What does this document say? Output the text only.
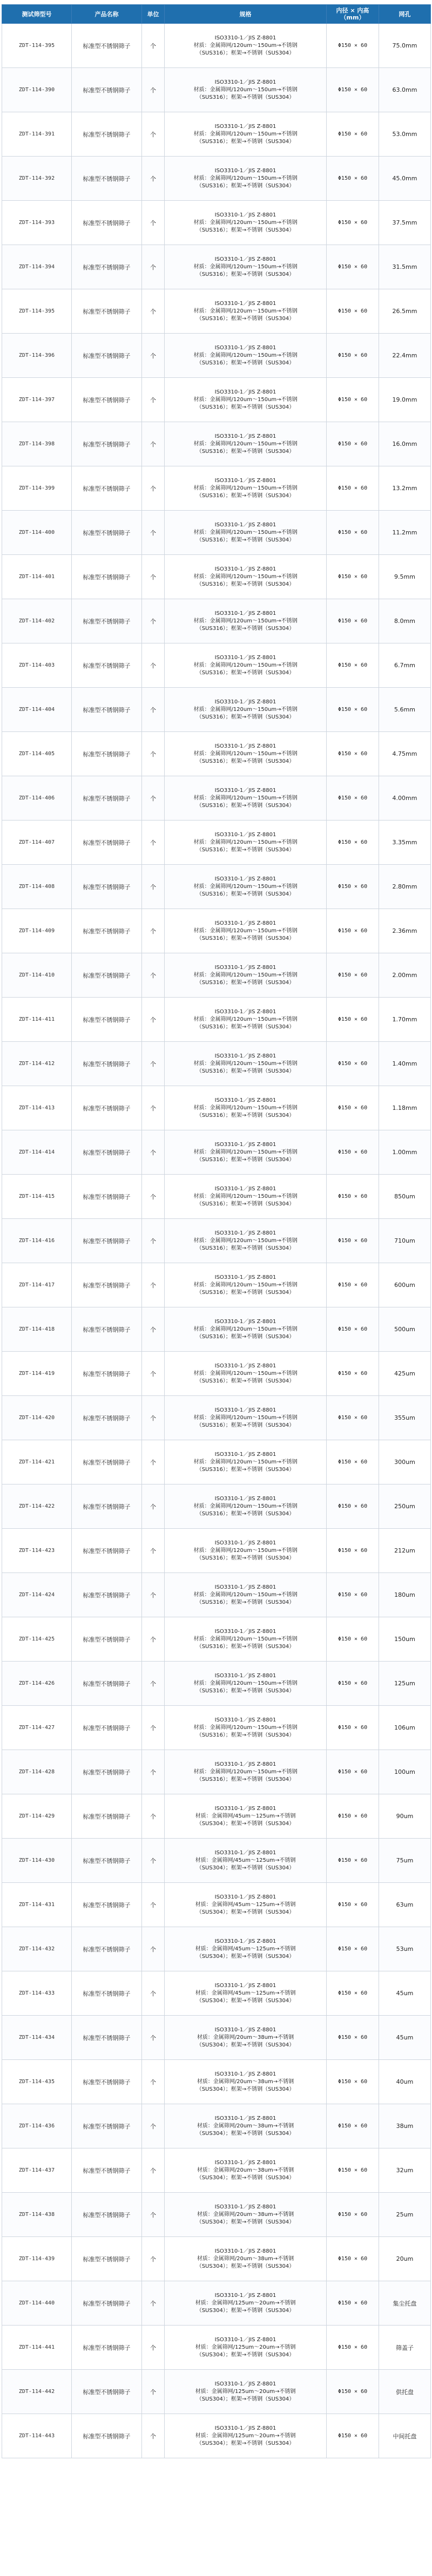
测试筛型号	产品名称	单位	规格	内径 × 内高（mm）	网孔
ZDT-114-395	标准型不锈钢筛子	个	ISO3310-1／JIS Z-8801
材质：金属筛网/120um～150um→不锈钢
（SUS316）；框架→不锈钢（SUS304）	Φ150 × 60	75.0mm
ZDT-114-390	标准型不锈钢筛子	个	ISO3310-1／JIS Z-8801
材质：金属筛网/120um～150um→不锈钢
（SUS316）；框架→不锈钢（SUS304）	Φ150 × 60	63.0mm
ZDT-114-391	标准型不锈钢筛子	个	ISO3310-1／JIS Z-8801
材质：金属筛网/120um～150um→不锈钢
（SUS316）；框架→不锈钢（SUS304）	Φ150 × 60	53.0mm
ZDT-114-392	标准型不锈钢筛子	个	ISO3310-1／JIS Z-8801
材质：金属筛网/120um～150um→不锈钢
（SUS316）；框架→不锈钢（SUS304）	Φ150 × 60	45.0mm
ZDT-114-393	标准型不锈钢筛子	个	ISO3310-1／JIS Z-8801
材质：金属筛网/120um～150um→不锈钢
（SUS316）；框架→不锈钢（SUS304）	Φ150 × 60	37.5mm
ZDT-114-394	标准型不锈钢筛子	个	ISO3310-1／JIS Z-8801
材质：金属筛网/120um～150um→不锈钢
（SUS316）；框架→不锈钢（SUS304）	Φ150 × 60	31.5mm
ZDT-114-395	标准型不锈钢筛子	个	ISO3310-1／JIS Z-8801
材质：金属筛网/120um～150um→不锈钢
（SUS316）；框架→不锈钢（SUS304）	Φ150 × 60	26.5mm
ZDT-114-396	标准型不锈钢筛子	个	ISO3310-1／JIS Z-8801
材质：金属筛网/120um～150um→不锈钢
（SUS316）；框架→不锈钢（SUS304）	Φ150 × 60	22.4mm
ZDT-114-397	标准型不锈钢筛子	个	ISO3310-1／JIS Z-8801
材质：金属筛网/120um～150um→不锈钢
（SUS316）；框架→不锈钢（SUS304）	Φ150 × 60	19.0mm
ZDT-114-398	标准型不锈钢筛子	个	ISO3310-1／JIS Z-8801
材质：金属筛网/120um～150um→不锈钢
（SUS316）；框架→不锈钢（SUS304）	Φ150 × 60	16.0mm
ZDT-114-399	标准型不锈钢筛子	个	ISO3310-1／JIS Z-8801
材质：金属筛网/120um～150um→不锈钢
（SUS316）；框架→不锈钢（SUS304）	Φ150 × 60	13.2mm
ZDT-114-400	标准型不锈钢筛子	个	ISO3310-1／JIS Z-8801
材质：金属筛网/120um～150um→不锈钢
（SUS316）；框架→不锈钢（SUS304）	Φ150 × 60	11.2mm
ZDT-114-401	标准型不锈钢筛子	个	ISO3310-1／JIS Z-8801
材质：金属筛网/120um～150um→不锈钢
（SUS316）；框架→不锈钢（SUS304）	Φ150 × 60	9.5mm
ZDT-114-402	标准型不锈钢筛子	个	ISO3310-1／JIS Z-8801
材质：金属筛网/120um～150um→不锈钢
（SUS316）；框架→不锈钢（SUS304）	Φ150 × 60	8.0mm
ZDT-114-403	标准型不锈钢筛子	个	ISO3310-1／JIS Z-8801
材质：金属筛网/120um～150um→不锈钢
（SUS316）；框架→不锈钢（SUS304）	Φ150 × 60	6.7mm
ZDT-114-404	标准型不锈钢筛子	个	ISO3310-1／JIS Z-8801
材质：金属筛网/120um～150um→不锈钢
（SUS316）；框架→不锈钢（SUS304）	Φ150 × 60	5.6mm
ZDT-114-405	标准型不锈钢筛子	个	ISO3310-1／JIS Z-8801
材质：金属筛网/120um～150um→不锈钢
（SUS316）；框架→不锈钢（SUS304）	Φ150 × 60	4.75mm
ZDT-114-406	标准型不锈钢筛子	个	ISO3310-1／JIS Z-8801
材质：金属筛网/120um～150um→不锈钢
（SUS316）；框架→不锈钢（SUS304）	Φ150 × 60	4.00mm
ZDT-114-407	标准型不锈钢筛子	个	ISO3310-1／JIS Z-8801
材质：金属筛网/120um～150um→不锈钢
（SUS316）；框架→不锈钢（SUS304）	Φ150 × 60	3.35mm
ZDT-114-408	标准型不锈钢筛子	个	ISO3310-1／JIS Z-8801
材质：金属筛网/120um～150um→不锈钢
（SUS316）；框架→不锈钢（SUS304）	Φ150 × 60	2.80mm
ZDT-114-409	标准型不锈钢筛子	个	ISO3310-1／JIS Z-8801
材质：金属筛网/120um～150um→不锈钢
（SUS316）；框架→不锈钢（SUS304）	Φ150 × 60	2.36mm
ZDT-114-410	标准型不锈钢筛子	个	ISO3310-1／JIS Z-8801
材质：金属筛网/120um～150um→不锈钢
（SUS316）；框架→不锈钢（SUS304）	Φ150 × 60	2.00mm
ZDT-114-411	标准型不锈钢筛子	个	ISO3310-1／JIS Z-8801
材质：金属筛网/120um～150um→不锈钢
（SUS316）；框架→不锈钢（SUS304）	Φ150 × 60	1.70mm
ZDT-114-412	标准型不锈钢筛子	个	ISO3310-1／JIS Z-8801
材质：金属筛网/120um～150um→不锈钢
（SUS316）；框架→不锈钢（SUS304）	Φ150 × 60	1.40mm
ZDT-114-413	标准型不锈钢筛子	个	ISO3310-1／JIS Z-8801
材质：金属筛网/120um～150um→不锈钢
（SUS316）；框架→不锈钢（SUS304）	Φ150 × 60	1.18mm
ZDT-114-414	标准型不锈钢筛子	个	ISO3310-1／JIS Z-8801
材质：金属筛网/120um～150um→不锈钢
（SUS316）；框架→不锈钢（SUS304）	Φ150 × 60	1.00mm
ZDT-114-415	标准型不锈钢筛子	个	ISO3310-1／JIS Z-8801
材质：金属筛网/120um～150um→不锈钢
（SUS316）；框架→不锈钢（SUS304）	Φ150 × 60	850um
ZDT-114-416	标准型不锈钢筛子	个	ISO3310-1／JIS Z-8801
材质：金属筛网/120um～150um→不锈钢
（SUS316）；框架→不锈钢（SUS304）	Φ150 × 60	710um
ZDT-114-417	标准型不锈钢筛子	个	ISO3310-1／JIS Z-8801
材质：金属筛网/120um～150um→不锈钢
（SUS316）；框架→不锈钢（SUS304）	Φ150 × 60	600um
ZDT-114-418	标准型不锈钢筛子	个	ISO3310-1／JIS Z-8801
材质：金属筛网/120um～150um→不锈钢
（SUS316）；框架→不锈钢（SUS304）	Φ150 × 60	500um
ZDT-114-419	标准型不锈钢筛子	个	ISO3310-1／JIS Z-8801
材质：金属筛网/120um～150um→不锈钢
（SUS316）；框架→不锈钢（SUS304）	Φ150 × 60	425um
ZDT-114-420	标准型不锈钢筛子	个	ISO3310-1／JIS Z-8801
材质：金属筛网/120um～150um→不锈钢
（SUS316）；框架→不锈钢（SUS304）	Φ150 × 60	355um
ZDT-114-421	标准型不锈钢筛子	个	ISO3310-1／JIS Z-8801
材质：金属筛网/120um～150um→不锈钢
（SUS316）；框架→不锈钢（SUS304）	Φ150 × 60	300um
ZDT-114-422	标准型不锈钢筛子	个	ISO3310-1／JIS Z-8801
材质：金属筛网/120um～150um→不锈钢
（SUS316）；框架→不锈钢（SUS304）	Φ150 × 60	250um
ZDT-114-423	标准型不锈钢筛子	个	ISO3310-1／JIS Z-8801
材质：金属筛网/120um～150um→不锈钢
（SUS316）；框架→不锈钢（SUS304）	Φ150 × 60	212um
ZDT-114-424	标准型不锈钢筛子	个	ISO3310-1／JIS Z-8801
材质：金属筛网/120um～150um→不锈钢
（SUS316）；框架→不锈钢（SUS304）	Φ150 × 60	180um
ZDT-114-425	标准型不锈钢筛子	个	ISO3310-1／JIS Z-8801
材质：金属筛网/120um～150um→不锈钢
（SUS316）；框架→不锈钢（SUS304）	Φ150 × 60	150um
ZDT-114-426	标准型不锈钢筛子	个	ISO3310-1／JIS Z-8801
材质：金属筛网/120um～150um→不锈钢
（SUS316）；框架→不锈钢（SUS304）	Φ150 × 60	125um
ZDT-114-427	标准型不锈钢筛子	个	ISO3310-1／JIS Z-8801
材质：金属筛网/120um～150um→不锈钢
（SUS316）；框架→不锈钢（SUS304）	Φ150 × 60	106um
ZDT-114-428	标准型不锈钢筛子	个	ISO3310-1／JIS Z-8801
材质：金属筛网/120um～150um→不锈钢
（SUS316）；框架→不锈钢（SUS304）	Φ150 × 60	100um
ZDT-114-429	标准型不锈钢筛子	个	ISO3310-1／JIS Z-8801
材质：金属筛网/45um～125um→不锈钢
（SUS304）；框架→不锈钢（SUS304）	Φ150 × 60	90um
ZDT-114-430	标准型不锈钢筛子	个	ISO3310-1／JIS Z-8801
材质：金属筛网/45um～125um→不锈钢
（SUS304）；框架→不锈钢（SUS304）	Φ150 × 60	75um
ZDT-114-431	标准型不锈钢筛子	个	ISO3310-1／JIS Z-8801
材质：金属筛网/45um～125um→不锈钢
（SUS304）；框架→不锈钢（SUS304）	Φ150 × 60	63um
ZDT-114-432	标准型不锈钢筛子	个	ISO3310-1／JIS Z-8801
材质：金属筛网/45um～125um→不锈钢
（SUS304）；框架→不锈钢（SUS304）	Φ150 × 60	53um
ZDT-114-433	标准型不锈钢筛子	个	ISO3310-1／JIS Z-8801
材质：金属筛网/45um～125um→不锈钢
（SUS304）；框架→不锈钢（SUS304）	Φ150 × 60	45um
ZDT-114-434	标准型不锈钢筛子	个	ISO3310-1／JIS Z-8801
材质：金属筛网/20um～38um→不锈钢
（SUS304）；框架→不锈钢（SUS304）	Φ150 × 60	45um
ZDT-114-435	标准型不锈钢筛子	个	ISO3310-1／JIS Z-8801
材质：金属筛网/20um～38um→不锈钢
（SUS304）；框架→不锈钢（SUS304）	Φ150 × 60	40um
ZDT-114-436	标准型不锈钢筛子	个	ISO3310-1／JIS Z-8801
材质：金属筛网/20um～38um→不锈钢
（SUS304）；框架→不锈钢（SUS304）	Φ150 × 60	38um
ZDT-114-437	标准型不锈钢筛子	个	ISO3310-1／JIS Z-8801
材质：金属筛网/20um～38um→不锈钢
（SUS304）；框架→不锈钢（SUS304）	Φ150 × 60	32um
ZDT-114-438	标准型不锈钢筛子	个	ISO3310-1／JIS Z-8801
材质：金属筛网/20um～38um→不锈钢
（SUS304）；框架→不锈钢（SUS304）	Φ150 × 60	25um
ZDT-114-439	标准型不锈钢筛子	个	ISO3310-1／JIS Z-8801
材质：金属筛网/20um～38um→不锈钢
（SUS304）；框架→不锈钢（SUS304）	Φ150 × 60	20um
ZDT-114-440	标准型不锈钢筛子	个	ISO3310-1／JIS Z-8801
材质：金属筛网/125um～20um→不锈钢
（SUS304）；框架→不锈钢（SUS304）	Φ150 × 60	集尘托盘
ZDT-114-441	标准型不锈钢筛子	个	ISO3310-1／JIS Z-8801
材质：金属筛网/125um～20um→不锈钢
（SUS304）；框架→不锈钢（SUS304）	Φ150 × 60	筛盖子
ZDT-114-442	标准型不锈钢筛子	个	ISO3310-1／JIS Z-8801
材质：金属筛网/125um～20um→不锈钢
（SUS304）；框架→不锈钢（SUS304）	Φ150 × 60	供托盘
ZDT-114-443	标准型不锈钢筛子	个	ISO3310-1／JIS Z-8801
材质：金属筛网/125um～20um→不锈钢
（SUS304）；框架→不锈钢（SUS304）	Φ150 × 60	中间托盘
